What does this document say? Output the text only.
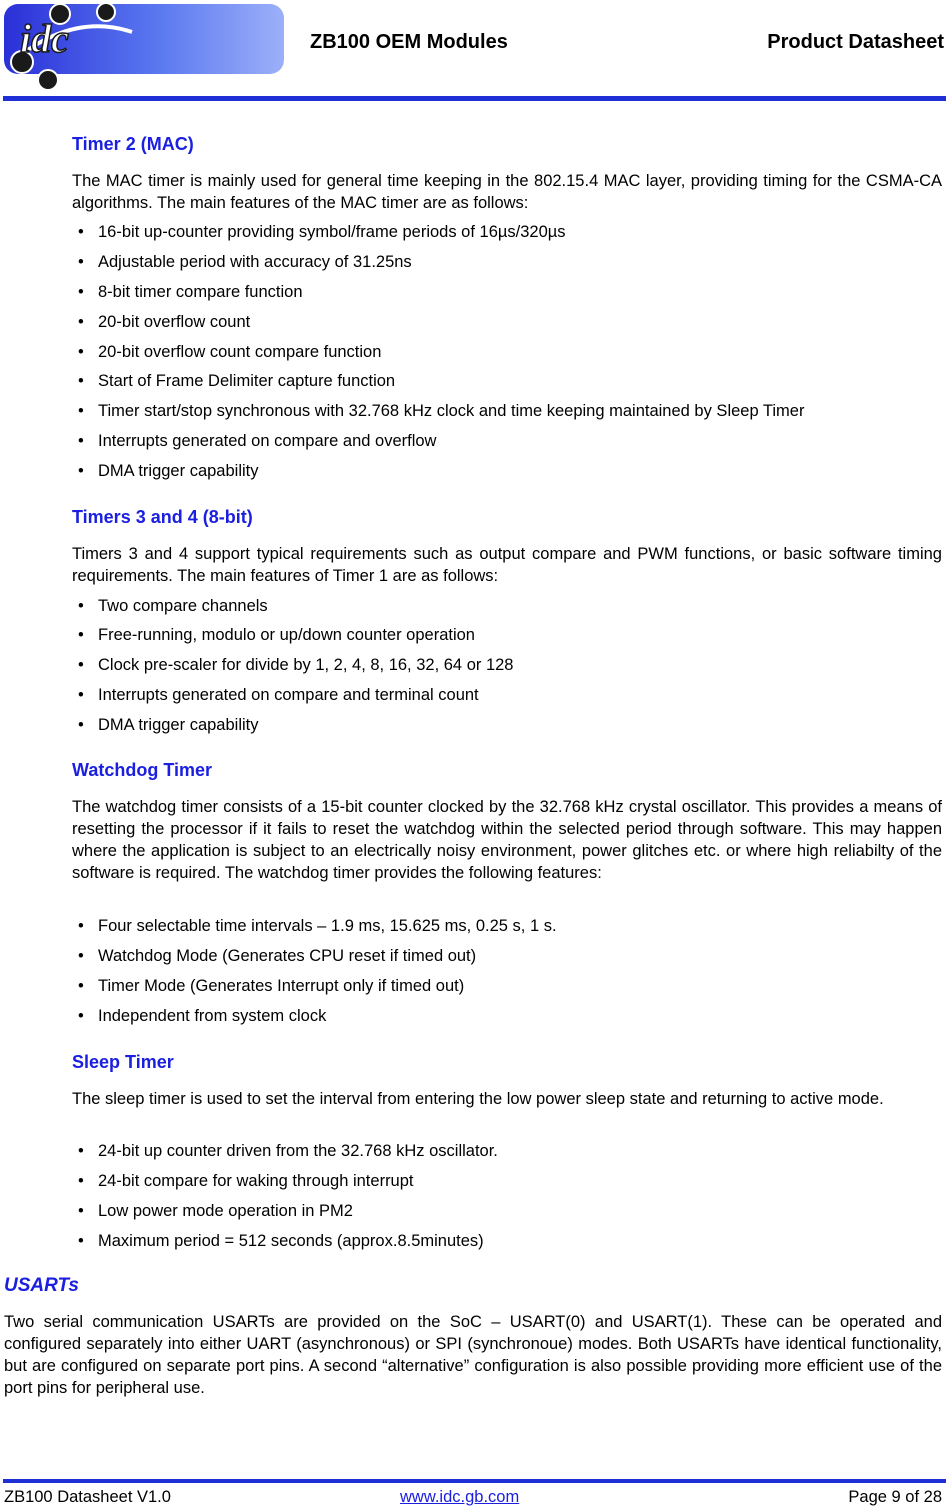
idc	ZB100 OEM Modules	Product Datasheet
Timer 2 (MAC)
The MAC timer is mainly used for general time keeping in the 802.15.4 MAC layer, providing timing for the CSMA-CA algorithms. The main features of the MAC timer are as follows:
• 16-bit up-counter providing symbol/frame periods of 16µs/320µs
• Adjustable period with accuracy of 31.25ns
• 8-bit timer compare function
• 20-bit overflow count
• 20-bit overflow count compare function
• Start of Frame Delimiter capture function
• Timer start/stop synchronous with 32.768 kHz clock and time keeping maintained by Sleep Timer
• Interrupts generated on compare and overflow
• DMA trigger capability
Timers 3 and 4 (8-bit)
Timers 3 and 4 support typical requirements such as output compare and PWM functions, or basic software timing requirements. The main features of Timer 1 are as follows:
• Two compare channels
• Free-running, modulo or up/down counter operation
• Clock pre-scaler for divide by 1, 2, 4, 8, 16, 32, 64 or 128
• Interrupts generated on compare and terminal count
• DMA trigger capability
Watchdog Timer
The watchdog timer consists of a 15-bit counter clocked by the 32.768 kHz crystal oscillator. This provides a means of resetting the processor if it fails to reset the watchdog within the selected period through software. This may happen where the application is subject to an electrically noisy environment, power glitches etc. or where high reliabilty of the software is required. The watchdog timer provides the following features:
• Four selectable time intervals – 1.9 ms, 15.625 ms, 0.25 s, 1 s.
• Watchdog Mode (Generates CPU reset if timed out)
• Timer Mode (Generates Interrupt only if timed out)
• Independent from system clock
Sleep Timer
The sleep timer is used to set the interval from entering the low power sleep state and returning to active mode.
• 24-bit up counter driven from the 32.768 kHz oscillator.
• 24-bit compare for waking through interrupt
• Low power mode operation in PM2
• Maximum period = 512 seconds (approx.8.5minutes)
USARTs
Two serial communication USARTs are provided on the SoC – USART(0) and USART(1). These can be operated and configured separately into either UART (asynchronous) or SPI (synchronoue) modes. Both USARTs have identical functionality, but are configured on separate port pins. A second “alternative” configuration is also possible providing more efficient use of the port pins for peripheral use.
ZB100 Datasheet V1.0	www.idc.gb.com	Page 9 of 28
